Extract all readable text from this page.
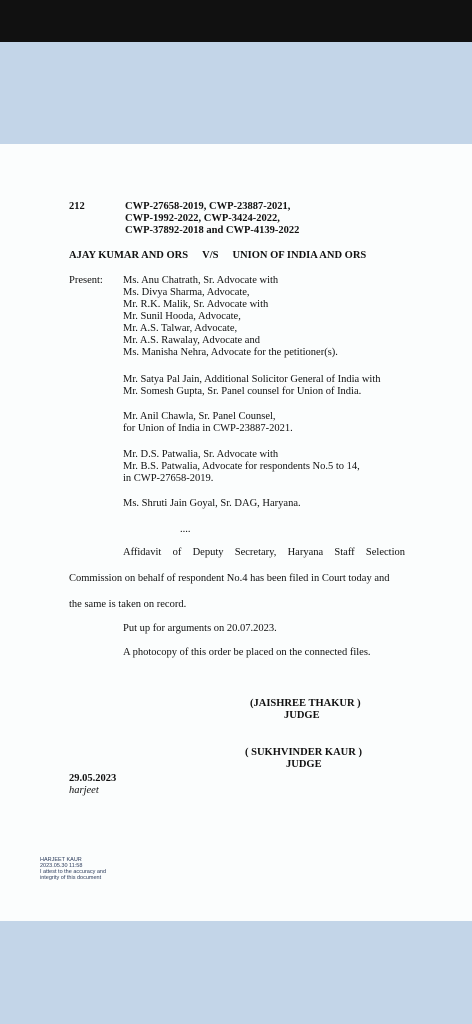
212	CWP-27658-2019, CWP-23887-2021,
CWP-1992-2022, CWP-3424-2022,
CWP-37892-2018 and CWP-4139-2022
AJAY KUMAR AND ORS V/S UNION OF INDIA AND ORS
Present: Ms. Anu Chatrath, Sr. Advocate with
Ms. Divya Sharma, Advocate,
Mr. R.K. Malik, Sr. Advocate with
Mr. Sunil Hooda, Advocate,
Mr. A.S. Talwar, Advocate,
Mr. A.S. Rawalay, Advocate and
Ms. Manisha Nehra, Advocate for the petitioner(s).
Mr. Satya Pal Jain, Additional Solicitor General of India with
Mr. Somesh Gupta, Sr. Panel counsel for Union of India.
Mr. Anil Chawla, Sr. Panel Counsel,
for Union of India in CWP-23887-2021.
Mr. D.S. Patwalia, Sr. Advocate with
Mr. B.S. Patwalia, Advocate for respondents No.5 to 14,
in CWP-27658-2019.
Ms. Shruti Jain Goyal, Sr. DAG, Haryana.
....
Affidavit of Deputy Secretary, Haryana Staff Selection
Commission on behalf of respondent No.4 has been filed in Court today and
the same is taken on record.
Put up for arguments on 20.07.2023.
A photocopy of this order be placed on the connected files.
(JAISHREE THAKUR )
JUDGE
( SUKHVINDER KAUR )
JUDGE
29.05.2023
harjeet
HARJEET KAUR
2023.05.30 11:58
I attest to the accuracy and
integrity of this document
